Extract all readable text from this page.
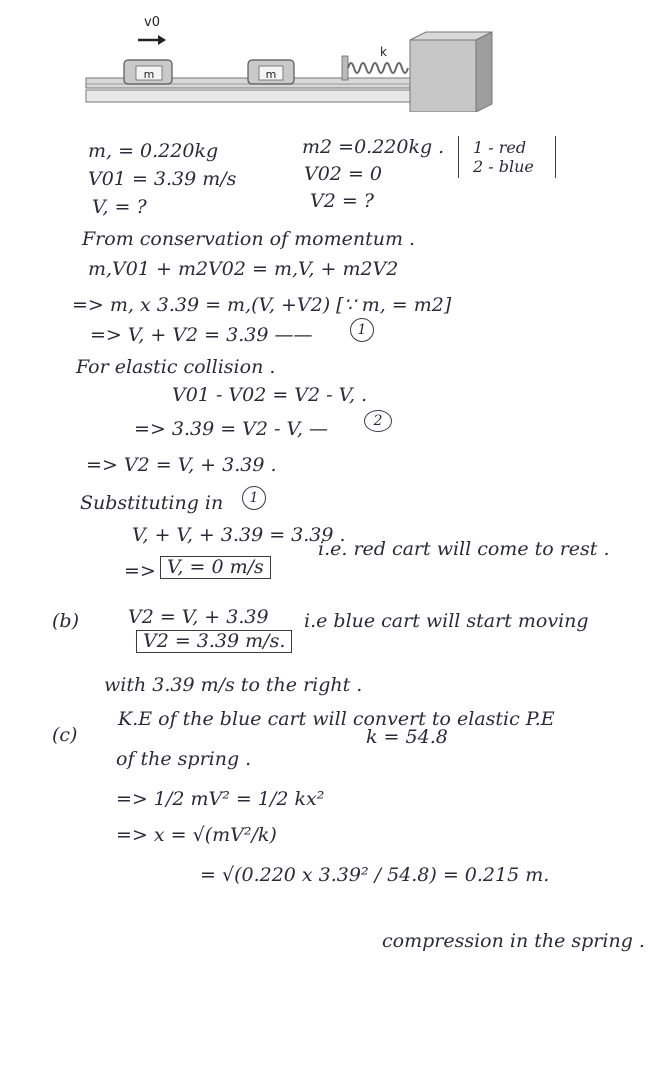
v0
m	m
k
m, = 0.220kg
V01 = 3.39 m/s
V, = ?
m2 =0.220kg .
V02 = 0
V2 = ?
1 - red
2 - blue
From conservation of momentum .
m,V01 + m2V02 = m,V, + m2V2
=> m, x 3.39 = m,(V, +V2) [∵ m, = m2]
=> V, + V2 = 3.39 ——	1
For elastic collision .
V01 - V02 = V2 - V, .
=> 3.39 = V2 - V, —	2
=> V2 = V, + 3.39 .
Substituting in	1
V, + V, + 3.39 = 3.39 .
=> V, = 0 m/s
i.e. red cart will come to rest .
(b)	V2 = V, + 3.39
V2 = 3.39 m/s.
i.e blue cart will start moving
with 3.39 m/s to the right .
(c)
K.E of the blue cart will convert to elastic P.E
k = 54.8
of the spring .
=> 1/2 mV² = 1/2 kx²
=> x = √(mV²/k)
= √(0.220 x 3.39² / 54.8) = 0.215 m.
compression in the spring .
